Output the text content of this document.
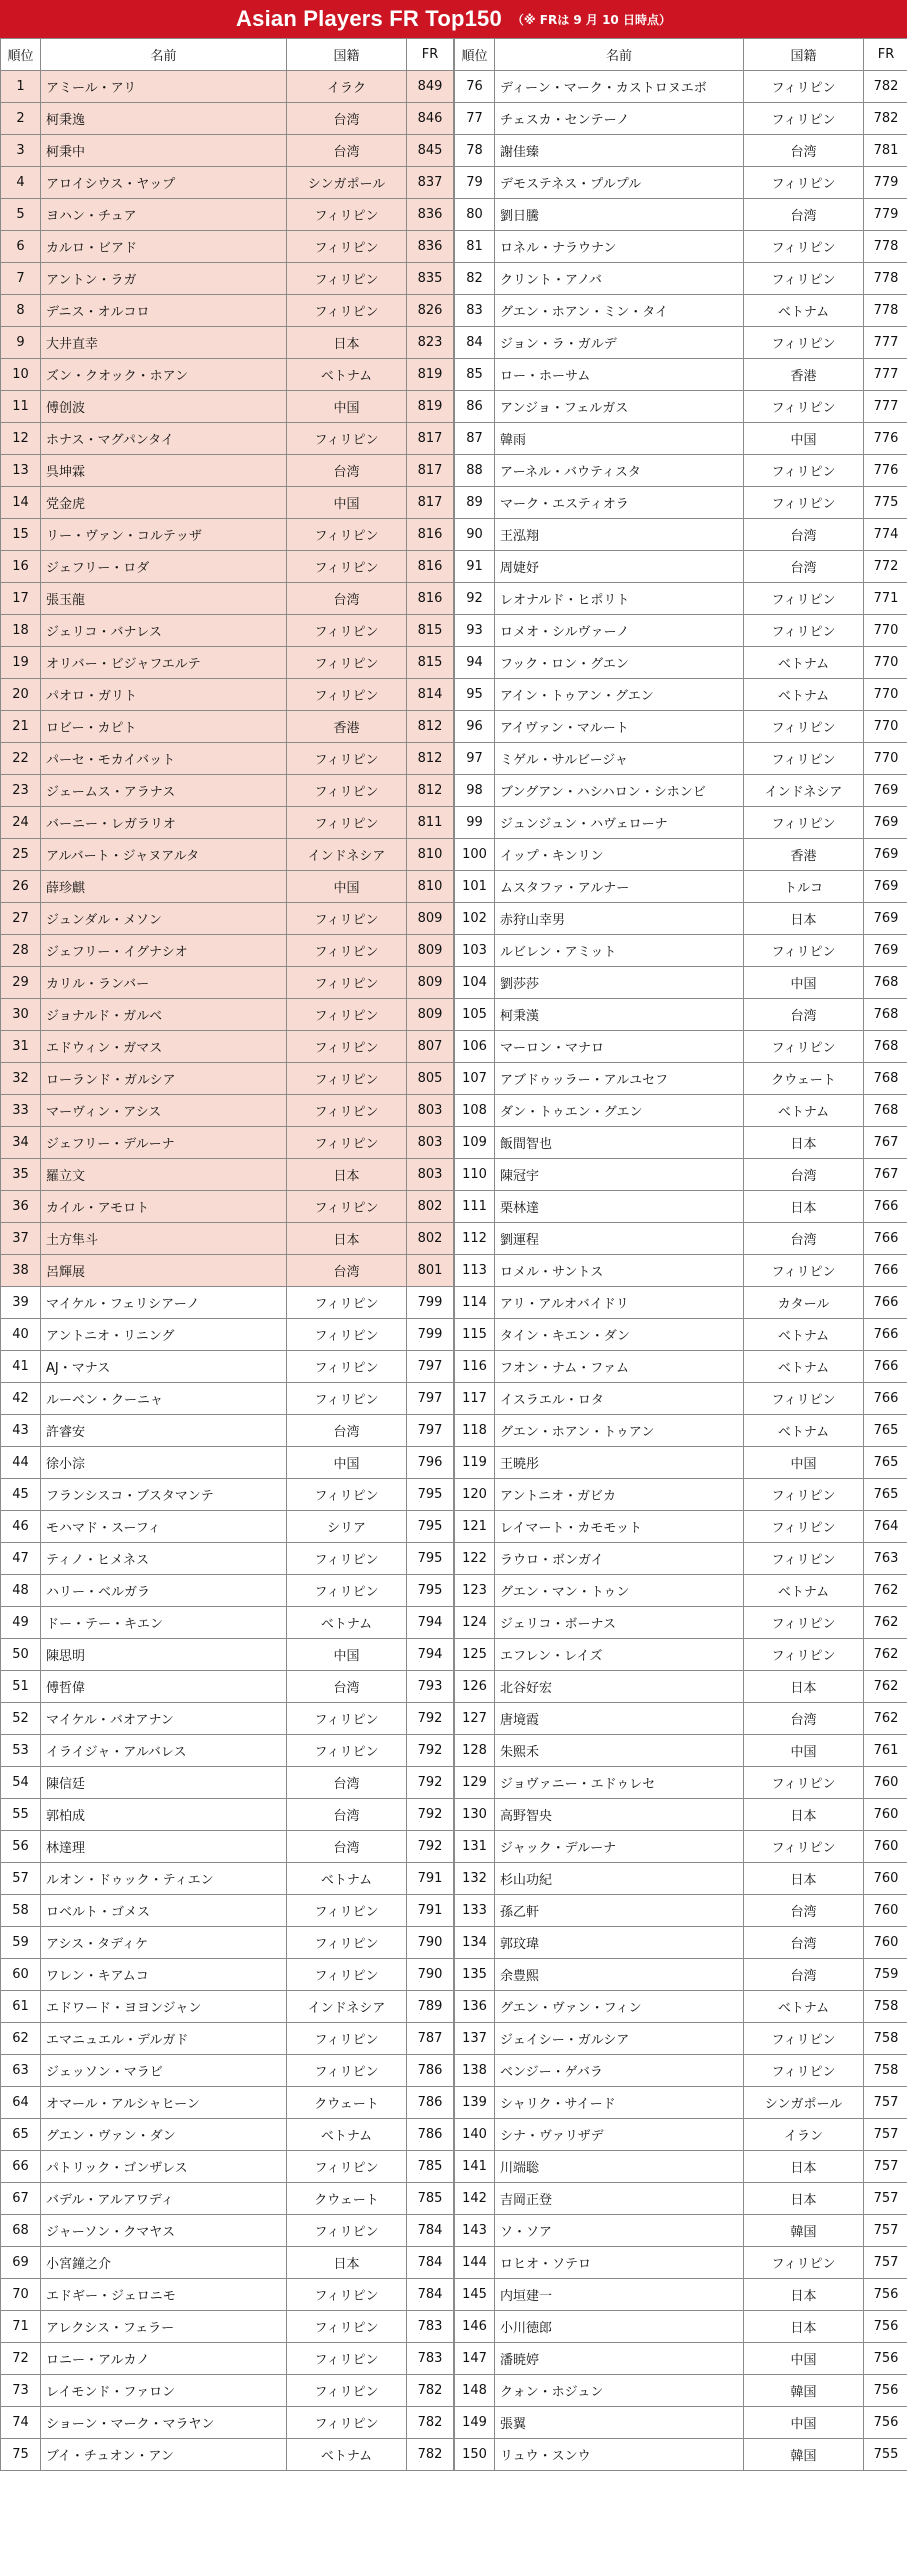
Asian Players FR Top150 （※ FRは 9 月 10 日時点）
順位	名前	国籍	FR
1	アミール・アリ	イラク	849
2	柯秉逸	台湾	846
3	柯秉中	台湾	845
4	アロイシウス・ヤップ	シンガポール	837
5	ヨハン・チュア	フィリピン	836
6	カルロ・ビアド	フィリピン	836
7	アントン・ラガ	フィリピン	835
8	デニス・オルコロ	フィリピン	826
9	大井直幸	日本	823
10	ズン・クオック・ホアン	ベトナム	819
11	傅创波	中国	819
12	ホナス・マグパンタイ	フィリピン	817
13	呉坤霖	台湾	817
14	党金虎	中国	817
15	リー・ヴァン・コルテッザ	フィリピン	816
16	ジェフリー・ロダ	フィリピン	816
17	張玉龍	台湾	816
18	ジェリコ・バナレス	フィリピン	815
19	オリバー・ビジャフエルテ	フィリピン	815
20	パオロ・ガリト	フィリピン	814
21	ロビー・カピト	香港	812
22	パーセ・モカイバット	フィリピン	812
23	ジェームス・アラナス	フィリピン	812
24	バーニー・レガラリオ	フィリピン	811
25	アルバート・ジャヌアルタ	インドネシア	810
26	薛珍麒	中国	810
27	ジュンダル・メソン	フィリピン	809
28	ジェフリー・イグナシオ	フィリピン	809
29	カリル・ランバー	フィリピン	809
30	ジョナルド・ガルベ	フィリピン	809
31	エドウィン・ガマス	フィリピン	807
32	ローランド・ガルシア	フィリピン	805
33	マーヴィン・アシス	フィリピン	803
34	ジェフリー・デルーナ	フィリピン	803
35	羅立文	日本	803
36	カイル・アモロト	フィリピン	802
37	土方隼斗	日本	802
38	呂輝展	台湾	801
39	マイケル・フェリシアーノ	フィリピン	799
40	アントニオ・リニング	フィリピン	799
41	AJ・マナス	フィリピン	797
42	ルーベン・クーニャ	フィリピン	797
43	許睿安	台湾	797
44	徐小淙	中国	796
45	フランシスコ・ブスタマンテ	フィリピン	795
46	モハマド・スーフィ	シリア	795
47	ティノ・ヒメネス	フィリピン	795
48	ハリー・ベルガラ	フィリピン	795
49	ドー・テー・キエン	ベトナム	794
50	陳思明	中国	794
51	傅哲偉	台湾	793
52	マイケル・バオアナン	フィリピン	792
53	イライジャ・アルバレス	フィリピン	792
54	陳信廷	台湾	792
55	郭柏成	台湾	792
56	林達理	台湾	792
57	ルオン・ドゥック・ティエン	ベトナム	791
58	ロベルト・ゴメス	フィリピン	791
59	アシス・タディケ	フィリピン	790
60	ワレン・キアムコ	フィリピン	790
61	エドワード・ヨヨンジャン	インドネシア	789
62	エマニュエル・デルガド	フィリピン	787
63	ジェッソン・マラビ	フィリピン	786
64	オマール・アルシャヒーン	クウェート	786
65	グエン・ヴァン・ダン	ベトナム	786
66	パトリック・ゴンザレス	フィリピン	785
67	バデル・アルアワディ	クウェート	785
68	ジャーソン・クマヤス	フィリピン	784
69	小宮鐘之介	日本	784
70	エドギー・ジェロニモ	フィリピン	784
71	アレクシス・フェラー	フィリピン	783
72	ロニー・アルカノ	フィリピン	783
73	レイモンド・ファロン	フィリピン	782
74	ショーン・マーク・マラヤン	フィリピン	782
75	ブイ・チュオン・アン	ベトナム	782
順位	名前	国籍	FR
76	ディーン・マーク・カストロヌエボ	フィリピン	782
77	チェスカ・センテーノ	フィリピン	782
78	謝佳臻	台湾	781
79	デモステネス・プルプル	フィリピン	779
80	劉日騰	台湾	779
81	ロネル・ナラウナン	フィリピン	778
82	クリント・アノバ	フィリピン	778
83	グエン・ホアン・ミン・タイ	ベトナム	778
84	ジョン・ラ・ガルデ	フィリピン	777
85	ロー・ホーサム	香港	777
86	アンジョ・フェルガス	フィリピン	777
87	韓雨	中国	776
88	アーネル・バウティスタ	フィリピン	776
89	マーク・エスティオラ	フィリピン	775
90	王泓翔	台湾	774
91	周婕妤	台湾	772
92	レオナルド・ヒポリト	フィリピン	771
93	ロメオ・シルヴァーノ	フィリピン	770
94	フック・ロン・グエン	ベトナム	770
95	アイン・トゥアン・グエン	ベトナム	770
96	アイヴァン・マルート	フィリピン	770
97	ミゲル・サルビージャ	フィリピン	770
98	ブングアン・ハシハロン・シホンビ	インドネシア	769
99	ジュンジュン・ハヴェローナ	フィリピン	769
100	イップ・キンリン	香港	769
101	ムスタファ・アルナー	トルコ	769
102	赤狩山幸男	日本	769
103	ルビレン・アミット	フィリピン	769
104	劉莎莎	中国	768
105	柯秉漢	台湾	768
106	マーロン・マナロ	フィリピン	768
107	アブドゥッラー・アルユセフ	クウェート	768
108	ダン・トゥエン・グエン	ベトナム	768
109	飯間智也	日本	767
110	陳冠宇	台湾	767
111	栗林達	日本	766
112	劉運程	台湾	766
113	ロメル・サントス	フィリピン	766
114	アリ・アルオバイドリ	カタール	766
115	タイン・キエン・ダン	ベトナム	766
116	フオン・ナム・ファム	ベトナム	766
117	イスラエル・ロタ	フィリピン	766
118	グエン・ホアン・トゥアン	ベトナム	765
119	王曉彤	中国	765
120	アントニオ・ガビカ	フィリピン	765
121	レイマート・カモモット	フィリピン	764
122	ラウロ・ボンガイ	フィリピン	763
123	グエン・マン・トゥン	ベトナム	762
124	ジェリコ・ボーナス	フィリピン	762
125	エフレン・レイズ	フィリピン	762
126	北谷好宏	日本	762
127	唐境霞	台湾	762
128	朱熙禾	中国	761
129	ジョヴァニー・エドゥレセ	フィリピン	760
130	高野智央	日本	760
131	ジャック・デルーナ	フィリピン	760
132	杉山功紀	日本	760
133	孫乙軒	台湾	760
134	郭玟瑋	台湾	760
135	余豊熙	台湾	759
136	グエン・ヴァン・フィン	ベトナム	758
137	ジェイシー・ガルシア	フィリピン	758
138	ベンジー・ゲバラ	フィリピン	758
139	シャリク・サイード	シンガポール	757
140	シナ・ヴァリザデ	イラン	757
141	川端聡	日本	757
142	吉岡正登	日本	757
143	ソ・ソア	韓国	757
144	ロヒオ・ソテロ	フィリピン	757
145	内垣建一	日本	756
146	小川徳郎	日本	756
147	潘暁婷	中国	756
148	クォン・ホジュン	韓国	756
149	張翼	中国	756
150	リュウ・スンウ	韓国	755
